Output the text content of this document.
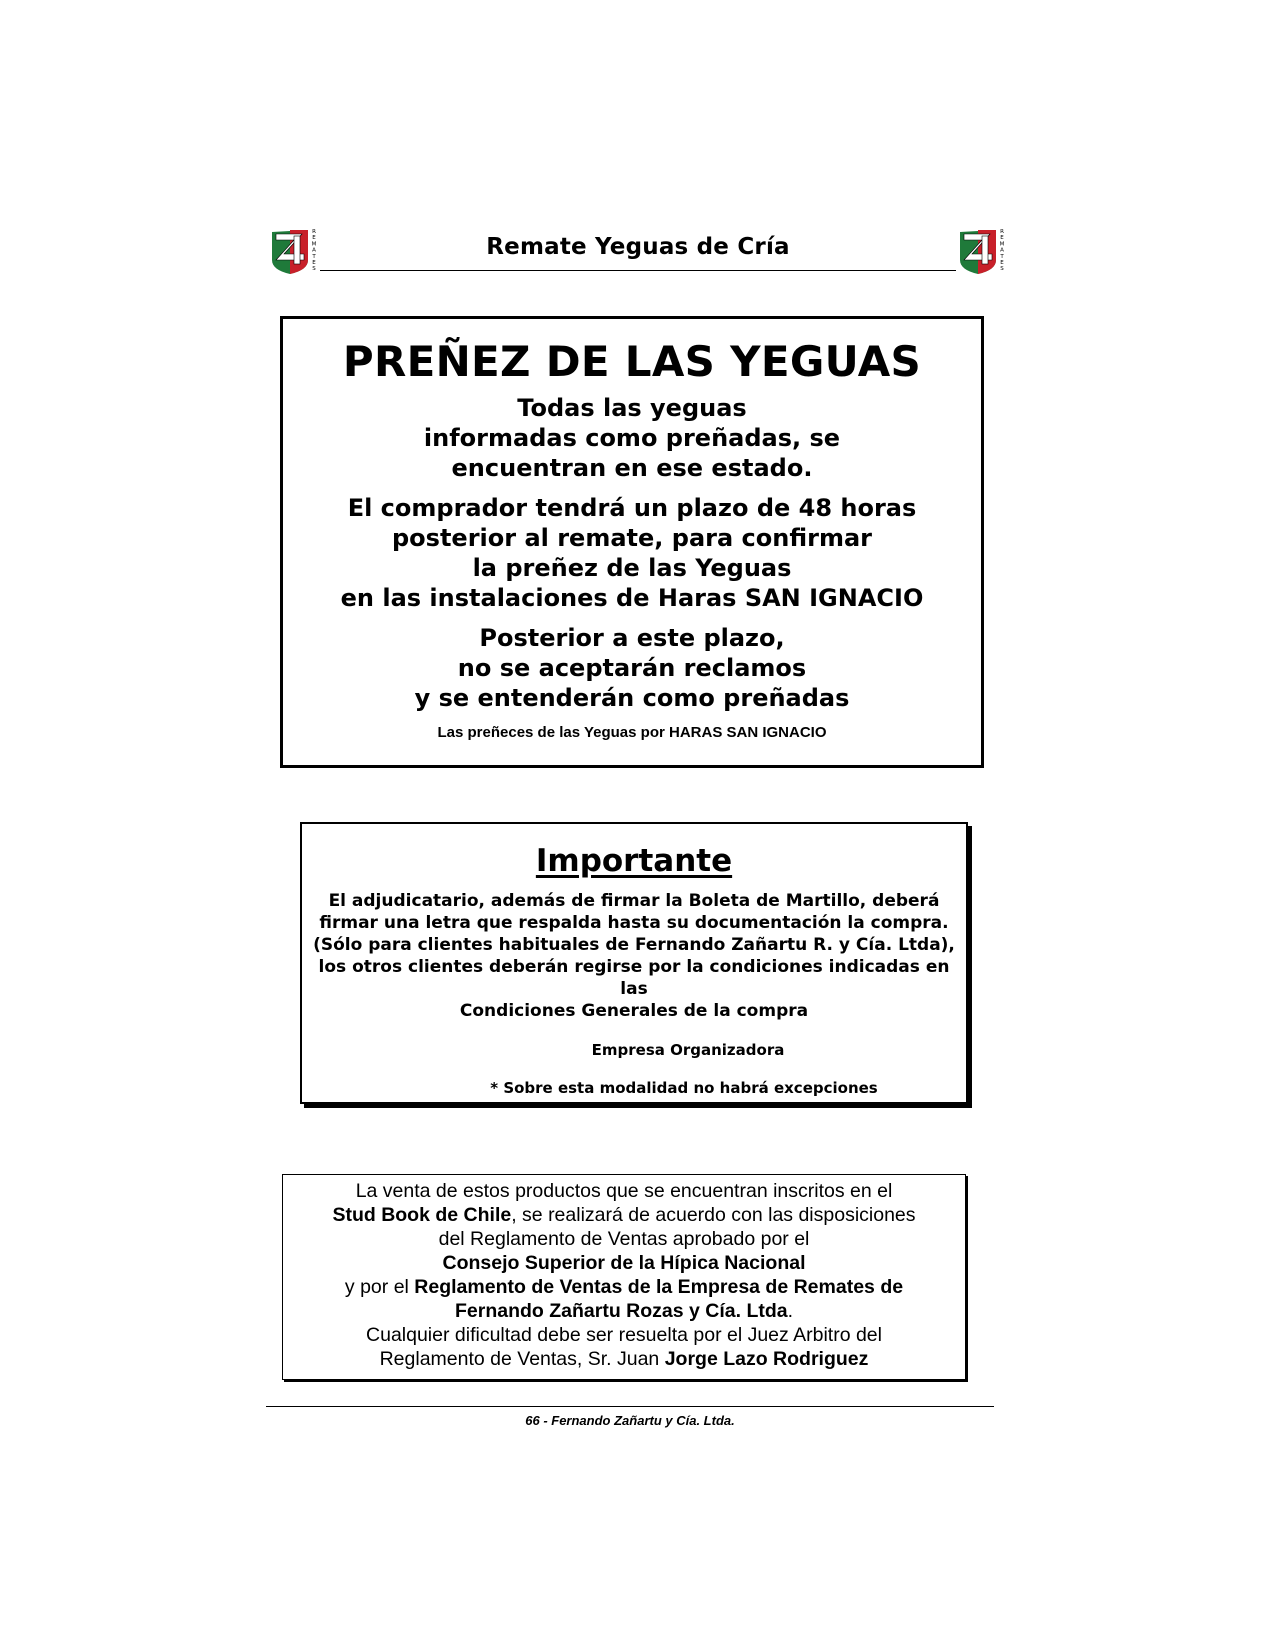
R
E
M
A
T
E
S
Remate Yeguas de Cría
R
E
M
A
T
E
S
PREÑEZ DE LAS YEGUAS
Todas las yeguas
informadas como preñadas, se
encuentran en ese estado.
El comprador tendrá un plazo de 48 horas
posterior al remate, para confirmar
la preñez de las Yeguas
en las instalaciones de Haras SAN IGNACIO
Posterior a este plazo,
no se aceptarán reclamos
y se entenderán como preñadas
Las preñeces de las Yeguas por HARAS SAN IGNACIO
Importante
El adjudicatario, además de firmar la Boleta de Martillo, deberá
firmar una letra que respalda hasta su documentación la compra.
(Sólo para clientes habituales de Fernando Zañartu R. y Cía. Ltda),
los otros clientes deberán regirse por la condiciones indicadas en las
Condiciones Generales de la compra
Empresa Organizadora
* Sobre esta modalidad no habrá excepciones
La venta de estos productos que se encuentran inscritos en el
Stud Book de Chile, se realizará de acuerdo con las disposiciones
del Reglamento de Ventas aprobado por el
Consejo Superior de la Hípica Nacional
y por el Reglamento de Ventas de la Empresa de Remates de
Fernando Zañartu Rozas y Cía. Ltda.
Cualquier dificultad debe ser resuelta por el Juez Arbitro del
Reglamento de Ventas, Sr. Juan Jorge Lazo Rodriguez
66 - Fernando Zañartu y Cía. Ltda.
